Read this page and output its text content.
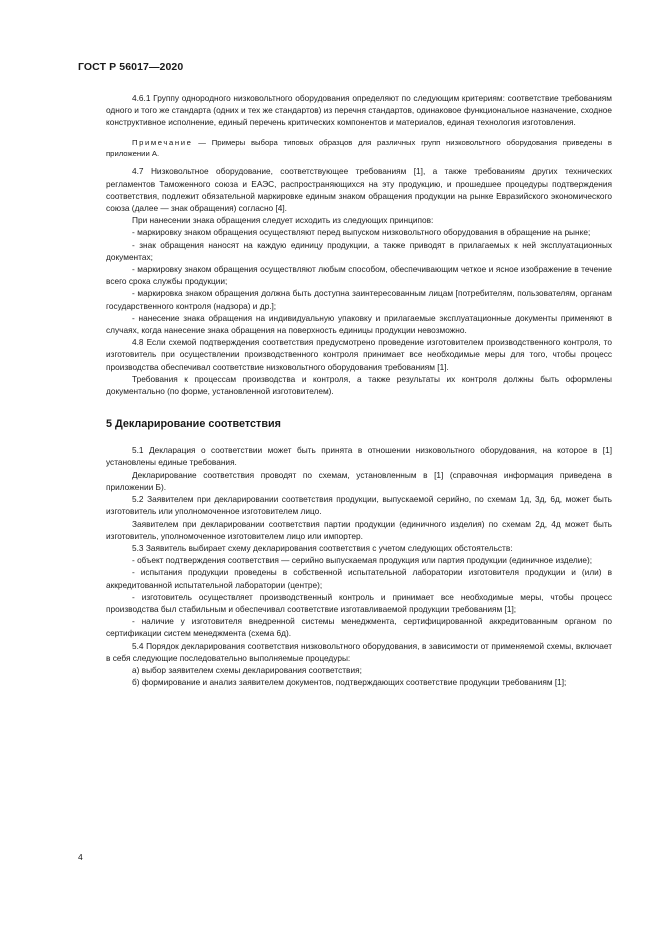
ГОСТ Р 56017—2020

4.6.1 Группу однородного низковольтного оборудования определяют по следующим критериям: соответствие требованиям одного и того же стандарта (одних и тех же стандартов) из перечня стандартов, одинаковое функциональное назначение, сходное конструктивное исполнение, единый перечень критических компонентов и материалов, единая технология изготовления.

Примечание — Примеры выбора типовых образцов для различных групп низковольтного оборудования приведены в приложении А.

4.7 Низковольтное оборудование, соответствующее требованиям [1], а также требованиям других технических регламентов Таможенного союза и ЕАЭС, распространяющихся на эту продукцию, и прошедшее процедуры подтверждения соответствия, подлежит обязательной маркировке единым знаком обращения продукции на рынке Евразийского экономического союза (далее — знак обращения) согласно [4].

При нанесении знака обращения следует исходить из следующих принципов:

- маркировку знаком обращения осуществляют перед выпуском низковольтного оборудования в обращение на рынке;

- знак обращения наносят на каждую единицу продукции, а также приводят в прилагаемых к ней эксплуатационных документах;

- маркировку знаком обращения осуществляют любым способом, обеспечивающим четкое и ясное изображение в течение всего срока службы продукции;

- маркировка знаком обращения должна быть доступна заинтересованным лицам [потребителям, пользователям, органам государственного контроля (надзора) и др.];

- нанесение знака обращения на индивидуальную упаковку и прилагаемые эксплуатационные документы применяют в случаях, когда нанесение знака обращения на поверхность единицы продукции невозможно.

4.8 Если схемой подтверждения соответствия предусмотрено проведение изготовителем производственного контроля, то изготовитель при осуществлении производственного контроля принимает все необходимые меры для того, чтобы процесс производства обеспечивал соответствие низковольтного оборудования требованиям [1].

Требования к процессам производства и контроля, а также результаты их контроля должны быть оформлены документально (по форме, установленной изготовителем).

5 Декларирование соответствия

5.1 Декларация о соответствии может быть принята в отношении низковольтного оборудования, на которое в [1] установлены единые требования.

Декларирование соответствия проводят по схемам, установленным в [1] (справочная информация приведена в приложении Б).

5.2 Заявителем при декларировании соответствия продукции, выпускаемой серийно, по схемам 1д, 3д, 6д, может быть изготовитель или уполномоченное изготовителем лицо.

Заявителем при декларировании соответствия партии продукции (единичного изделия) по схемам 2д, 4д может быть изготовитель, уполномоченное изготовителем лицо или импортер.

5.3 Заявитель выбирает схему декларирования соответствия с учетом следующих обстоятельств:

- объект подтверждения соответствия — серийно выпускаемая продукция или партия продукции (единичное изделие);

- испытания продукции проведены в собственной испытательной лаборатории изготовителя продукции и (или) в аккредитованной испытательной лаборатории (центре);

- изготовитель осуществляет производственный контроль и принимает все необходимые меры, чтобы процесс производства был стабильным и обеспечивал соответствие изготавливаемой продукции требованиям [1];

- наличие у изготовителя внедренной системы менеджмента, сертифицированной аккредитованным органом по сертификации систем менеджмента (схема 6д).

5.4 Порядок декларирования соответствия низковольтного оборудования, в зависимости от применяемой схемы, включает в себя следующие последовательно выполняемые процедуры:

а) выбор заявителем схемы декларирования соответствия;

б) формирование и анализ заявителем документов, подтверждающих соответствие продукции требованиям [1];

4
